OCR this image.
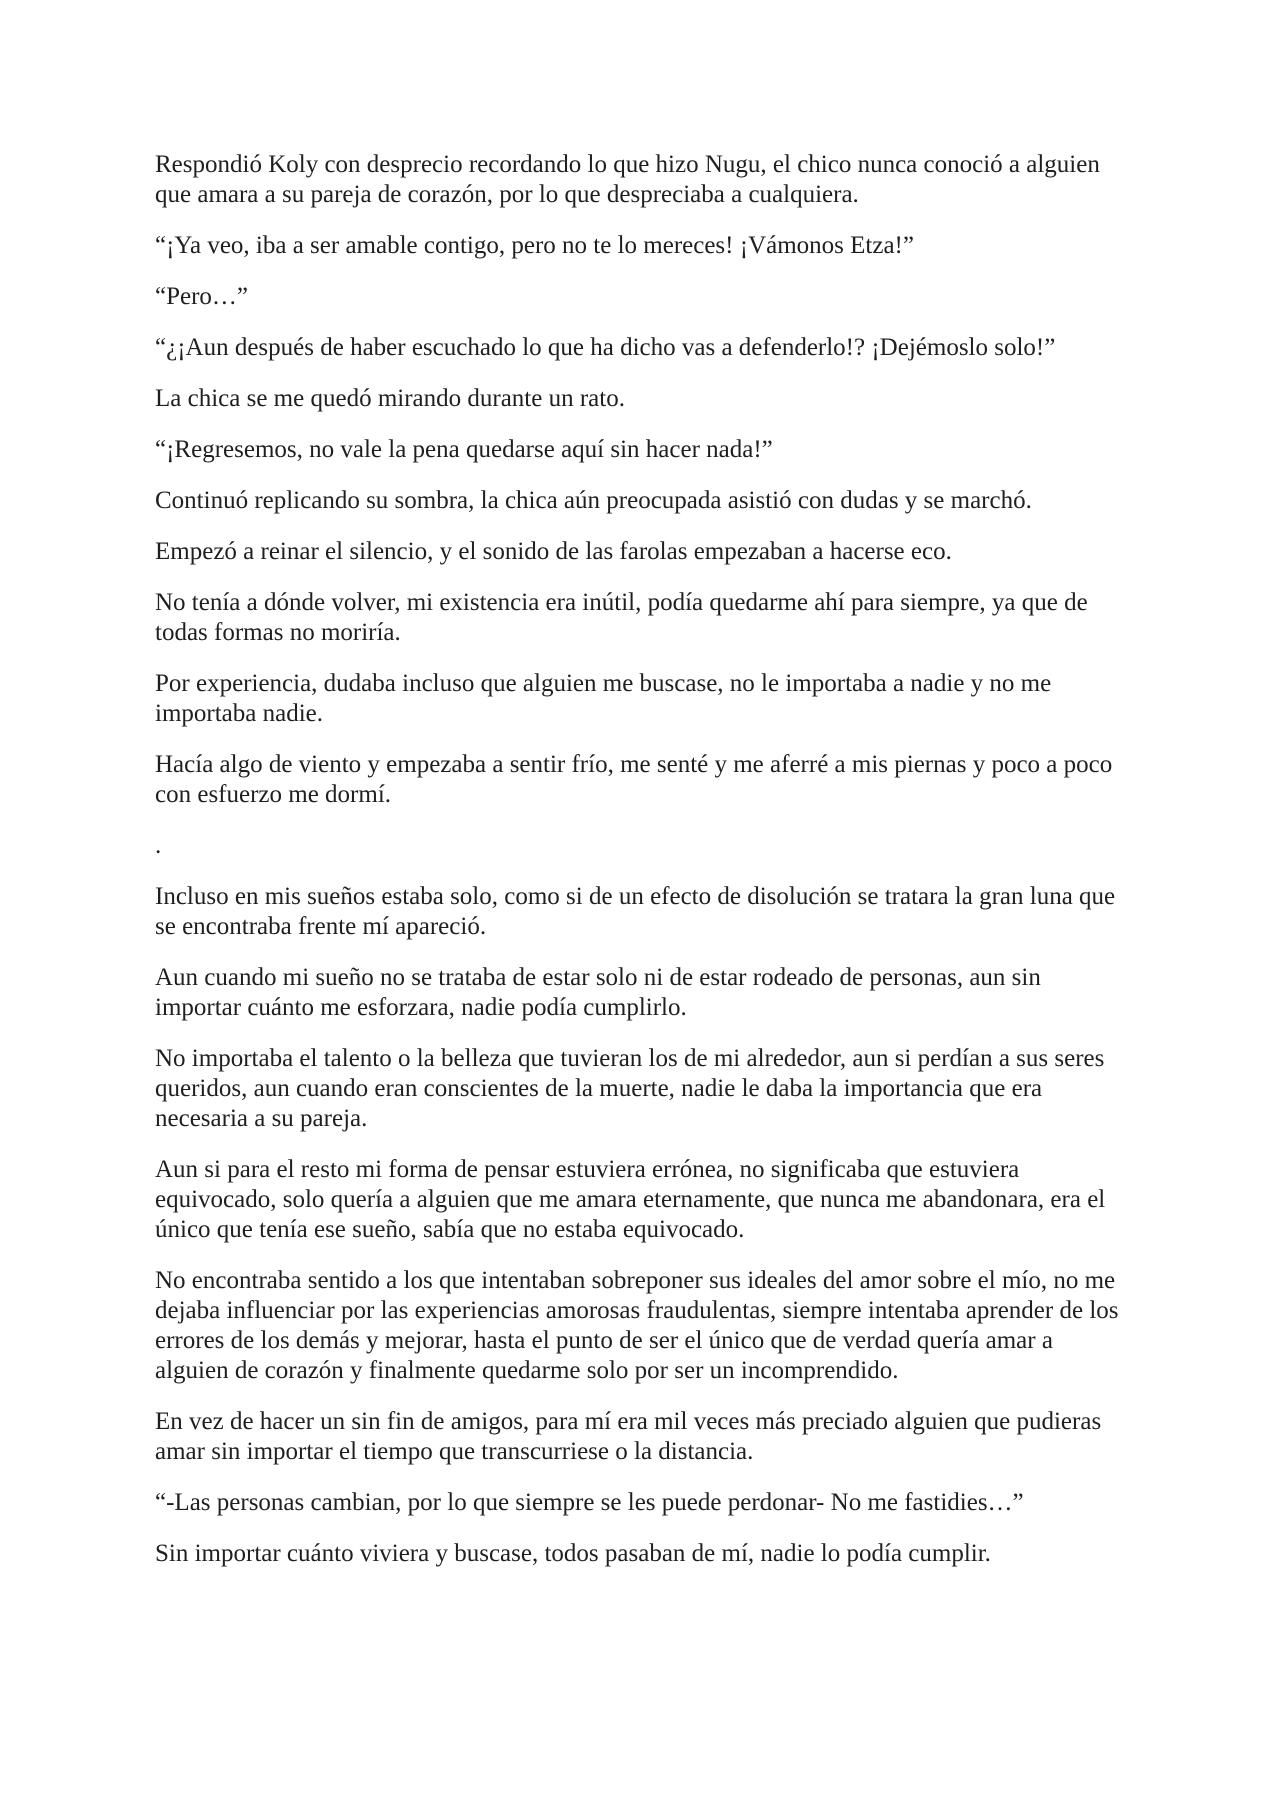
Respondió Koly con desprecio recordando lo que hizo Nugu, el chico nunca conoció a alguien que amara a su pareja de corazón, por lo que despreciaba a cualquiera.

“¡Ya veo, iba a ser amable contigo, pero no te lo mereces! ¡Vámonos Etza!”

“Pero…”

“¿¡Aun después de haber escuchado lo que ha dicho vas a defenderlo!? ¡Dejémoslo solo!”

La chica se me quedó mirando durante un rato.

“¡Regresemos, no vale la pena quedarse aquí sin hacer nada!”

Continuó replicando su sombra, la chica aún preocupada asistió con dudas y se marchó.

Empezó a reinar el silencio, y el sonido de las farolas empezaban a hacerse eco.

No tenía a dónde volver, mi existencia era inútil, podía quedarme ahí para siempre, ya que de todas formas no moriría.

Por experiencia, dudaba incluso que alguien me buscase, no le importaba a nadie y no me importaba nadie.

Hacía algo de viento y empezaba a sentir frío, me senté y me aferré a mis piernas y poco a poco con esfuerzo me dormí.

.

Incluso en mis sueños estaba solo, como si de un efecto de disolución se tratara la gran luna que se encontraba frente mí apareció.

Aun cuando mi sueño no se trataba de estar solo ni de estar rodeado de personas, aun sin importar cuánto me esforzara, nadie podía cumplirlo.

No importaba el talento o la belleza que tuvieran los de mi alrededor, aun si perdían a sus seres queridos, aun cuando eran conscientes de la muerte, nadie le daba la importancia que era necesaria a su pareja.

Aun si para el resto mi forma de pensar estuviera errónea, no significaba que estuviera equivocado, solo quería a alguien que me amara eternamente, que nunca me abandonara, era el único que tenía ese sueño, sabía que no estaba equivocado.

No encontraba sentido a los que intentaban sobreponer sus ideales del amor sobre el mío, no me dejaba influenciar por las experiencias amorosas fraudulentas, siempre intentaba aprender de los errores de los demás y mejorar, hasta el punto de ser el único que de verdad quería amar a alguien de corazón y finalmente quedarme solo por ser un incomprendido.

En vez de hacer un sin fin de amigos, para mí era mil veces más preciado alguien que pudieras amar sin importar el tiempo que transcurriese o la distancia.

“-Las personas cambian, por lo que siempre se les puede perdonar- No me fastidies…”

Sin importar cuánto viviera y buscase, todos pasaban de mí, nadie lo podía cumplir.
